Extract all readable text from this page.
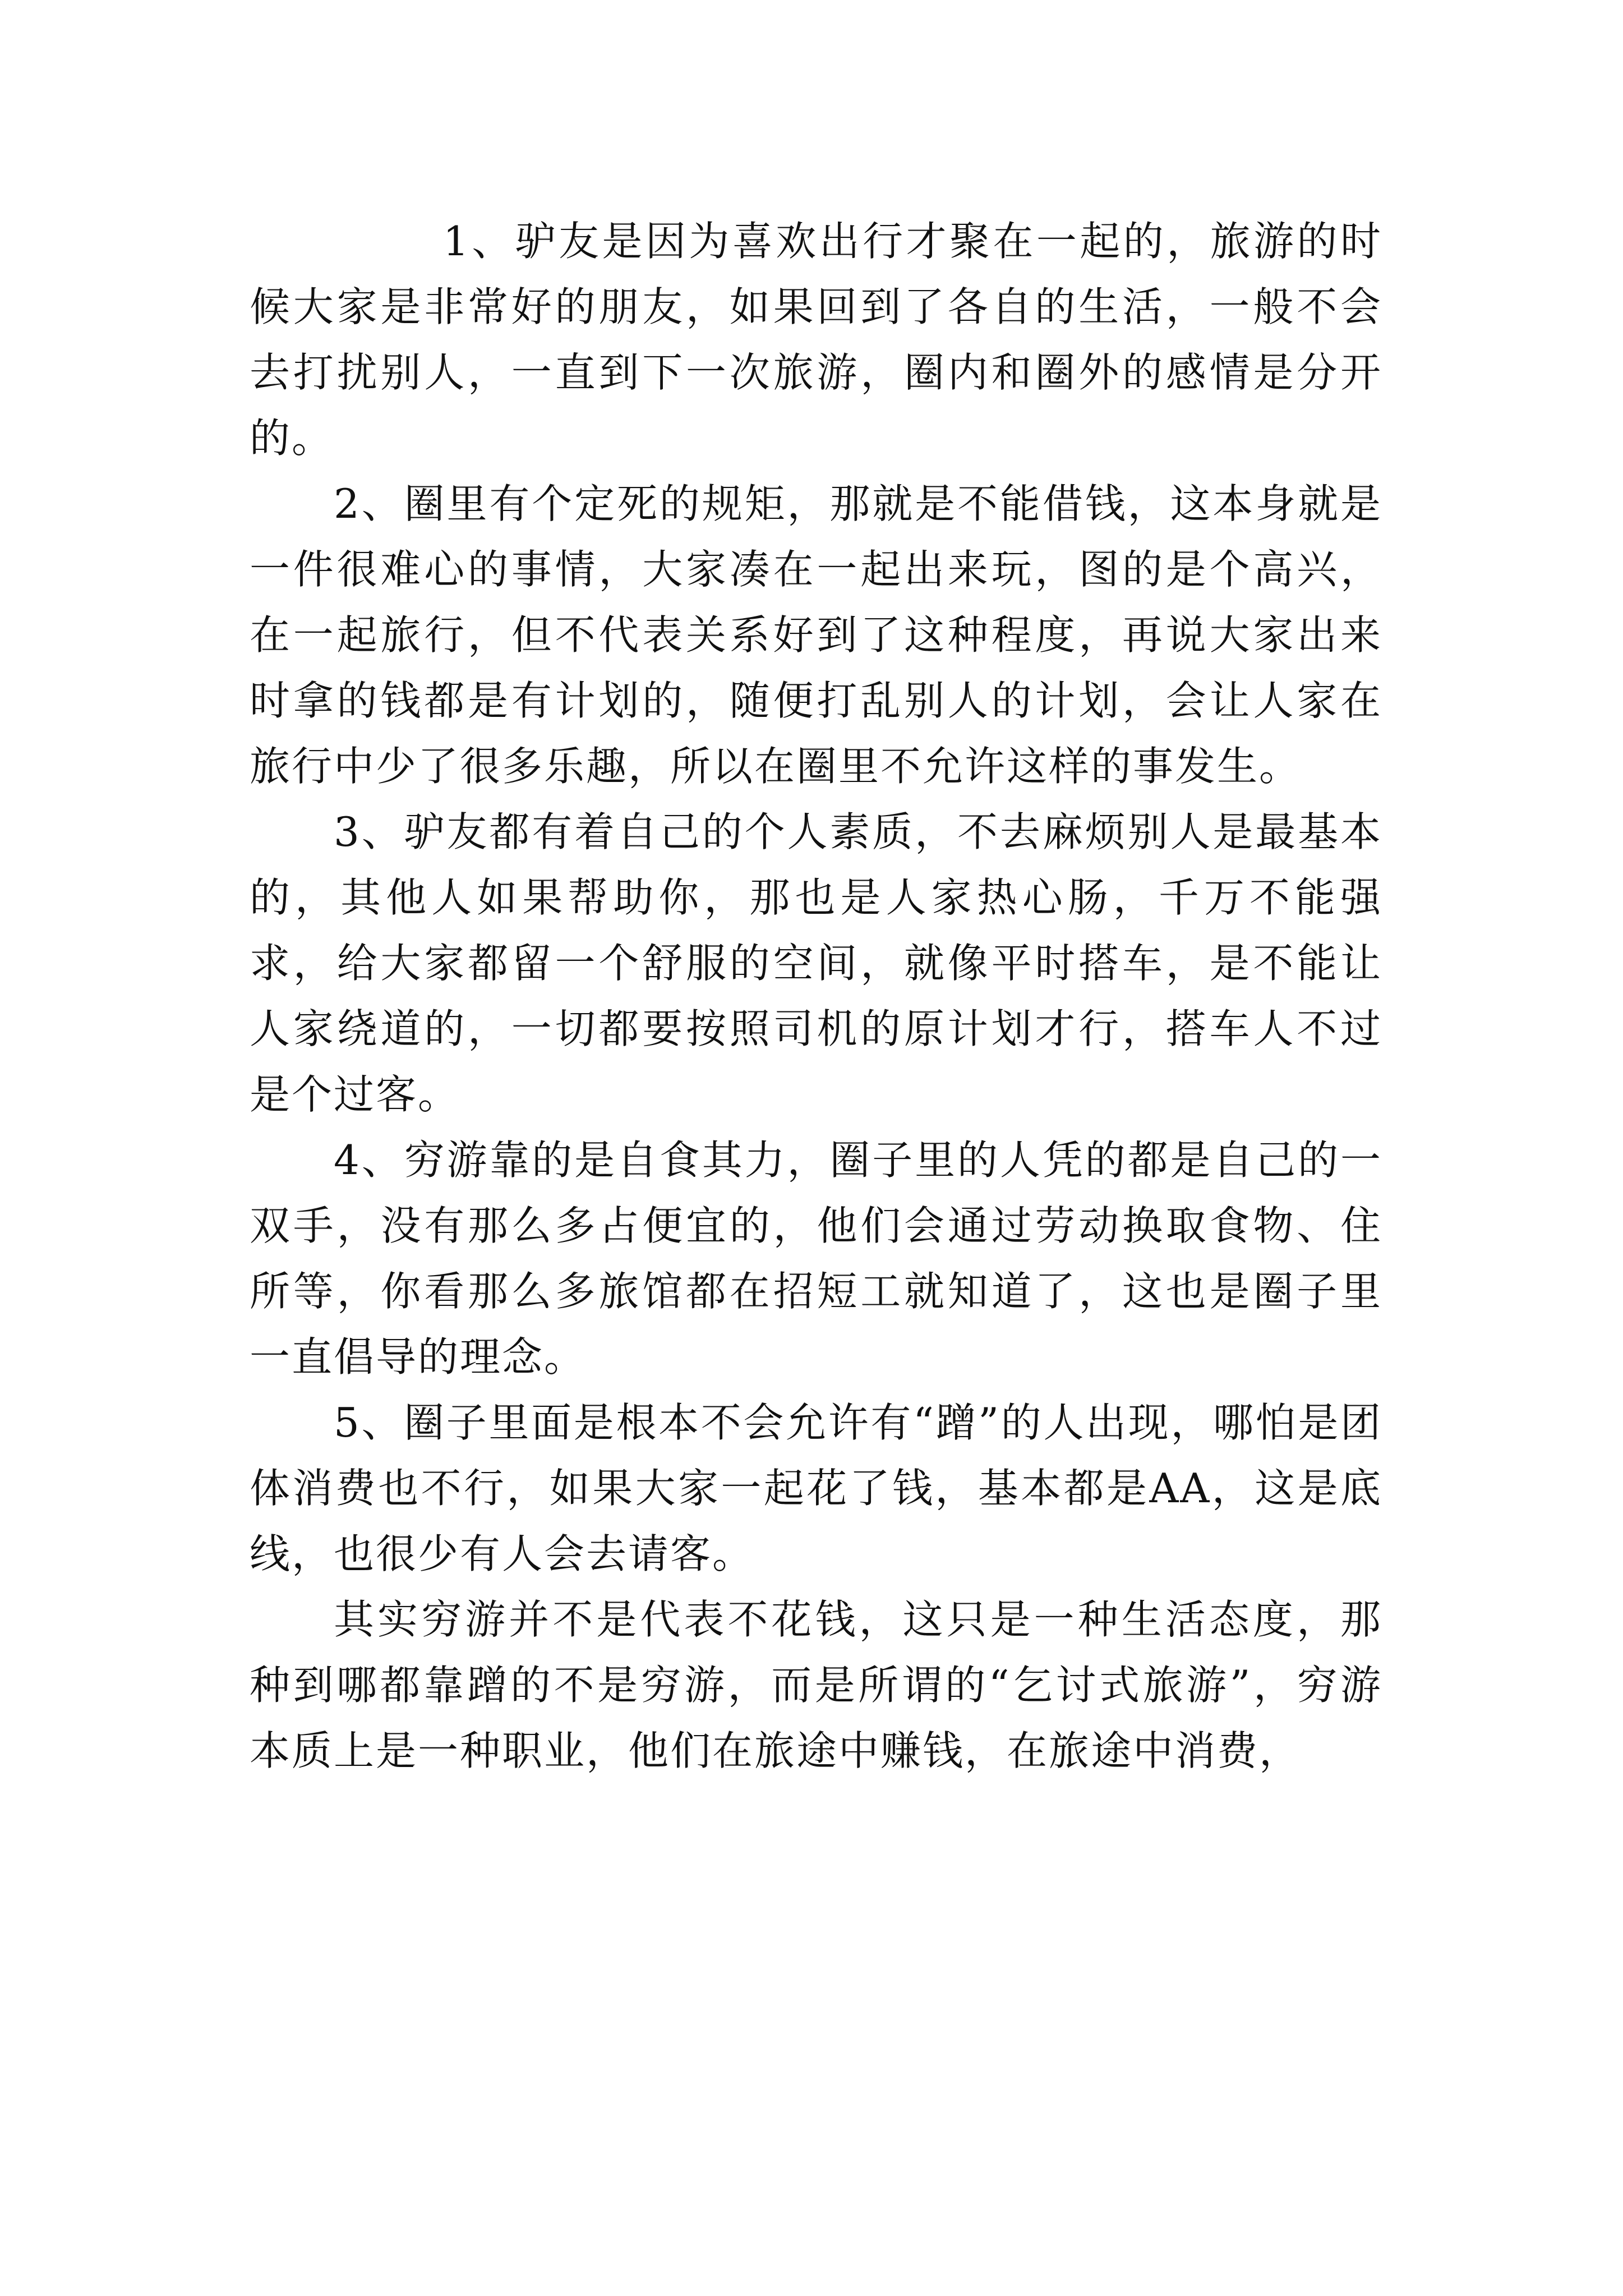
1、驴友是因为喜欢出行才聚在一起的，旅游的时候大家是非常好的朋友，如果回到了各自的生活，一般不会去打扰别人，一直到下一次旅游，圈内和圈外的感情是分开的。

2、圈里有个定死的规矩，那就是不能借钱，这本身就是一件很难心的事情，大家凑在一起出来玩，图的是个高兴，在一起旅行，但不代表关系好到了这种程度，再说大家出来时拿的钱都是有计划的，随便打乱别人的计划，会让人家在旅行中少了很多乐趣，所以在圈里不允许这样的事发生。

3、驴友都有着自己的个人素质，不去麻烦别人是最基本的，其他人如果帮助你，那也是人家热心肠，千万不能强求，给大家都留一个舒服的空间，就像平时搭车，是不能让人家绕道的，一切都要按照司机的原计划才行，搭车人不过是个过客。

4、穷游靠的是自食其力，圈子里的人凭的都是自己的一双手，没有那么多占便宜的，他们会通过劳动换取食物、住所等，你看那么多旅馆都在招短工就知道了，这也是圈子里一直倡导的理念。

5、圈子里面是根本不会允许有“蹭”的人出现，哪怕是团体消费也不行，如果大家一起花了钱，基本都是AA，这是底线，也很少有人会去请客。

其实穷游并不是代表不花钱，这只是一种生活态度，那种到哪都靠蹭的不是穷游，而是所谓的“乞讨式旅游”，穷游本质上是一种职业，他们在旅途中赚钱，在旅途中消费，
